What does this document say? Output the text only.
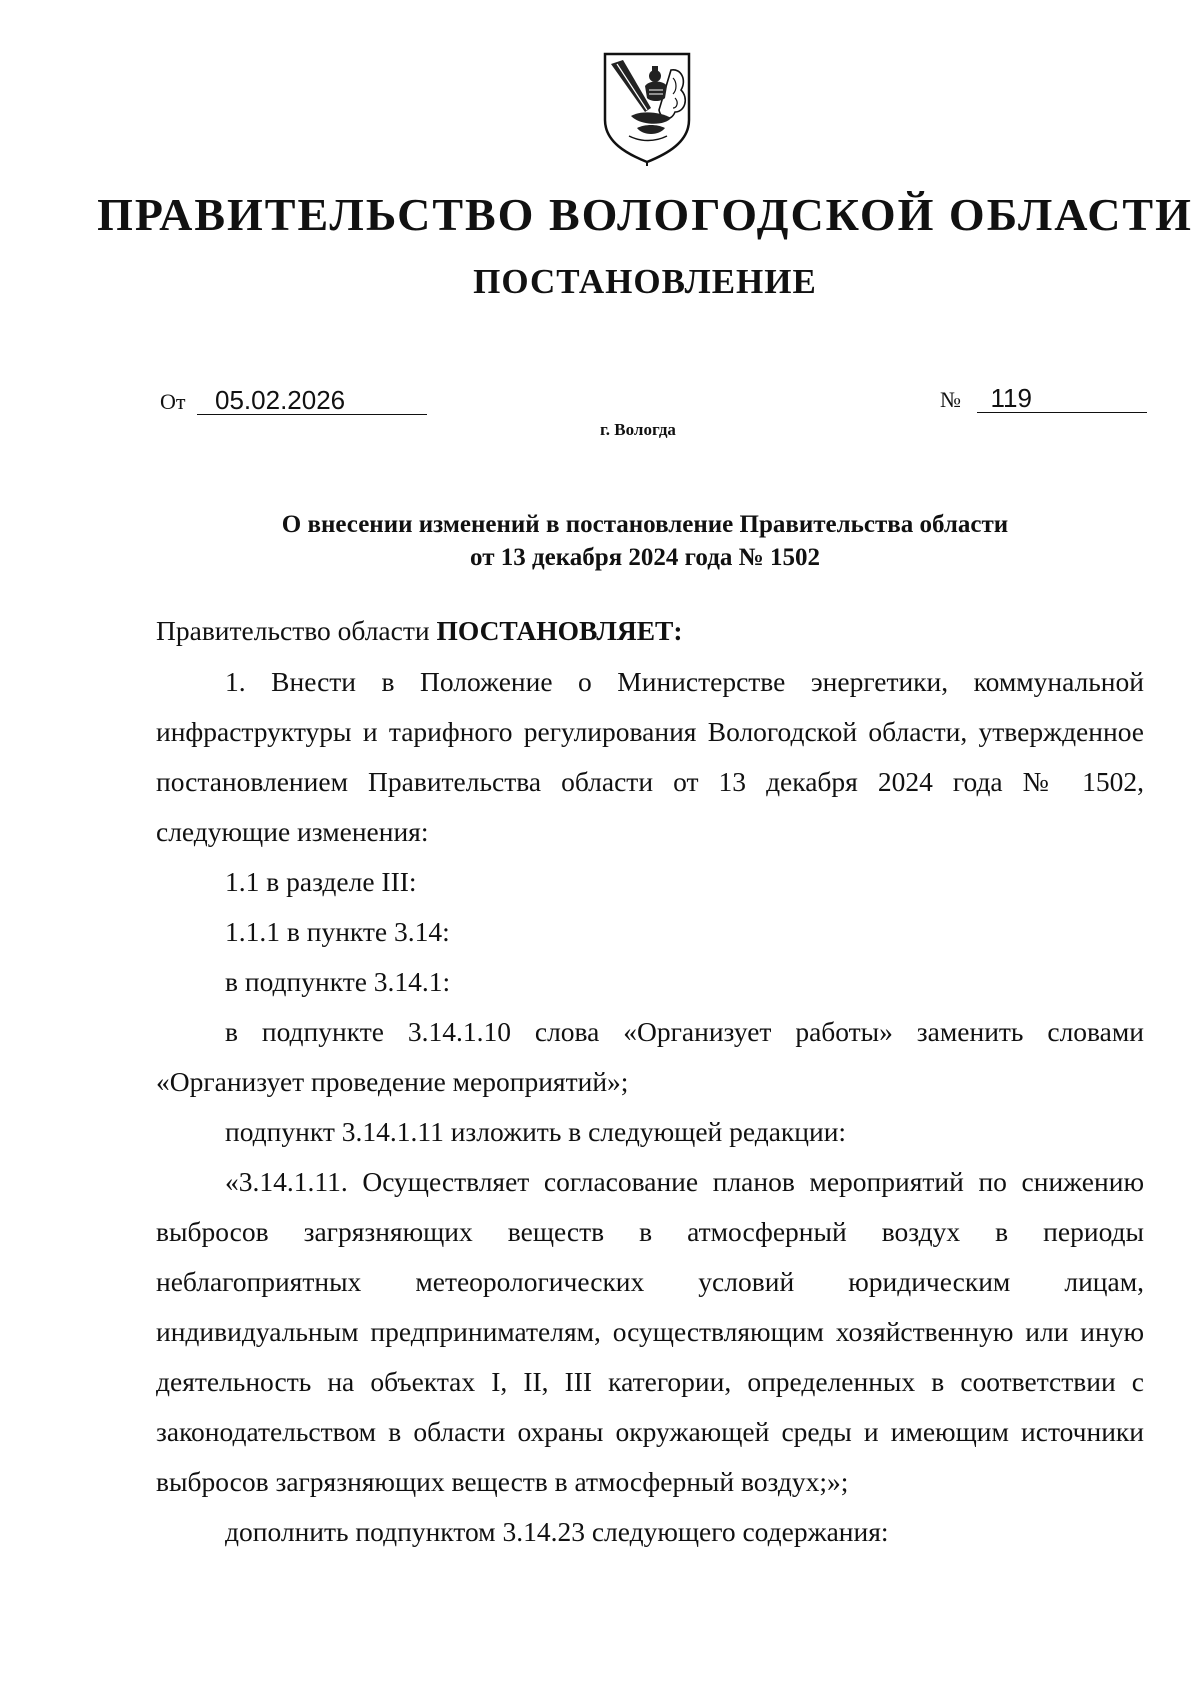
ПРАВИТЕЛЬСТВО ВОЛОГОДСКОЙ ОБЛАСТИ
ПОСТАНОВЛЕНИЕ
От 05.02.2026	№ 119
г. Вологда
О внесении изменений в постановление Правительства области
от 13 декабря 2024 года № 1502

Правительство области ПОСТАНОВЛЯЕТ:

1. Внести в Положение о Министерстве энергетики, коммунальной инфраструктуры и тарифного регулирования Вологодской области, утвержденное постановлением Правительства области от 13 декабря 2024 года № 1502, следующие изменения:

1.1 в разделе III:

1.1.1 в пункте 3.14:

в подпункте 3.14.1:

в подпункте 3.14.1.10 слова «Организует работы» заменить словами «Организует проведение мероприятий»;

подпункт 3.14.1.11 изложить в следующей редакции:

«3.14.1.11. Осуществляет согласование планов мероприятий по снижению выбросов загрязняющих веществ в атмосферный воздух в периоды неблагоприятных метеорологических условий юридическим лицам, индивидуальным предпринимателям, осуществляющим хозяйственную или иную деятельность на объектах I, II, III категории, определенных в соответствии с законодательством в области охраны окружающей среды и имеющим источники выбросов загрязняющих веществ в атмосферный воздух;»;

дополнить подпунктом 3.14.23 следующего содержания:
